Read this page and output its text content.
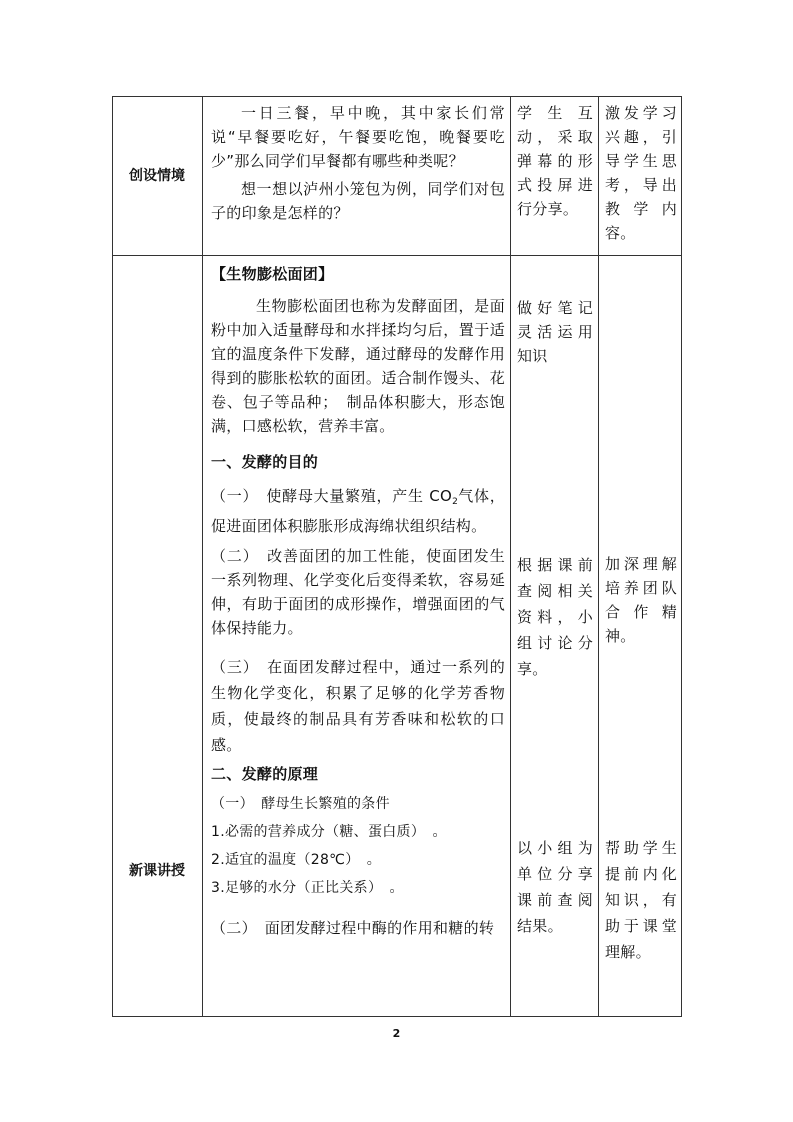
创设情境

一日三餐，早中晚，其中家长们常说“早餐要吃好，午餐要吃饱，晚餐要吃少”那么同学们早餐都有哪些种类呢？

想一想以泸州小笼包为例，同学们对包子的印象是怎样的？

学生互动，采取弹幕的形式投屏进行分享。
激发学习兴趣，引导学生思考，导出教学内容。
新课讲授

【生物膨松面团】

生物膨松面团也称为发酵面团，是面粉中加入适量酵母和水拌揉均匀后，置于适宜的温度条件下发酵，通过酵母的发酵作用得到的膨胀松软的面团。适合制作馒头、花卷、包子等品种；　制品体积膨大，形态饱满，口感松软，营养丰富。

一、发酵的目的

（一）　使酵母大量繁殖，产生 $CO_2$气体，促进面团体积膨胀形成海绵状组织结构。

（二）　改善面团的加工性能，使面团发生一系列物理、化学变化后变得柔软，容易延伸，有助于面团的成形操作，增强面团的气体保持能力。

（三）　在面团发酵过程中，通过一系列的生物化学变化，积累了足够的化学芳香物质，使最终的制品具有芳香味和松软的口感。

二、发酵的原理

（一）　酵母生长繁殖的条件

1.必需的营养成分（糖、蛋白质）　。

2.适宜的温度（28℃）　。

3.足够的水分（正比关系）　。

（二）　面团发酵过程中酶的作用和糖的转

做好笔记灵活运用知识
根据课前查阅相关资料，小组讨论分享。
以小组为单位分享课前查阅结果。
加深理解培养团队合作精神。
帮助学生提前内化知识，有助于课堂理解。
2
